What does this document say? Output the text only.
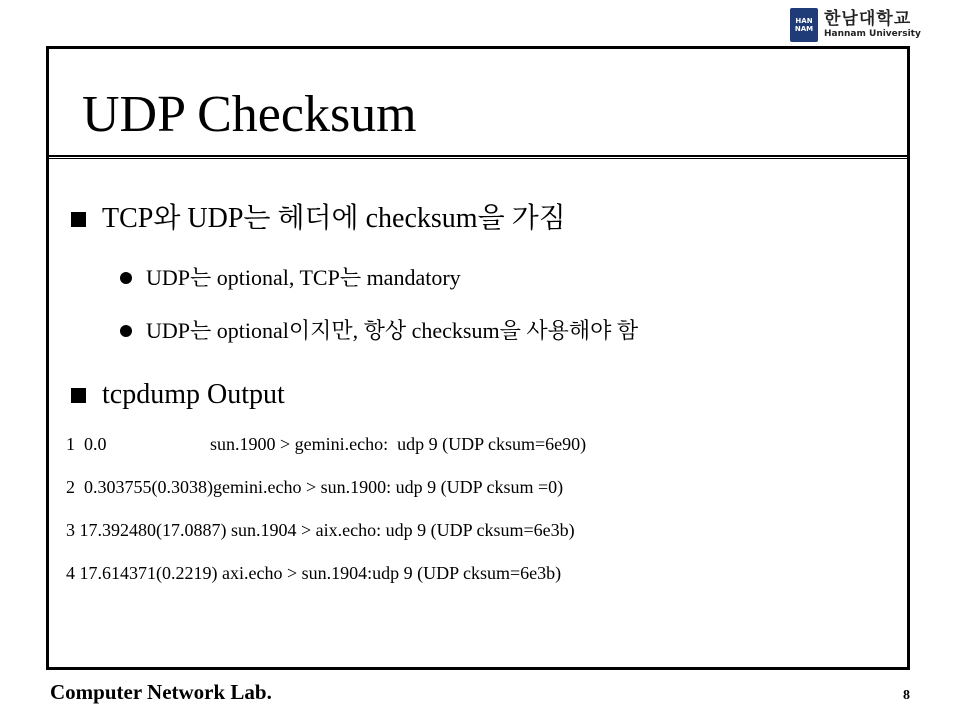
HAN
NAM 한남대학교
Hannam University
UDP Checksum
TCP와 UDP는 헤더에 checksum을 가짐
UDP는 optional, TCP는 mandatory
UDP는 optional이지만, 항상 checksum을 사용해야 함
tcpdump Output
1  0.0                       sun.1900 > gemini.echo:  udp 9 (UDP cksum=6e90)
2  0.303755(0.3038)gemini.echo > sun.1900: udp 9 (UDP cksum =0)
3 17.392480(17.0887) sun.1904 > aix.echo: udp 9 (UDP cksum=6e3b)
4 17.614371(0.2219) axi.echo > sun.1904:udp 9 (UDP cksum=6e3b)
Computer Network Lab.	8
